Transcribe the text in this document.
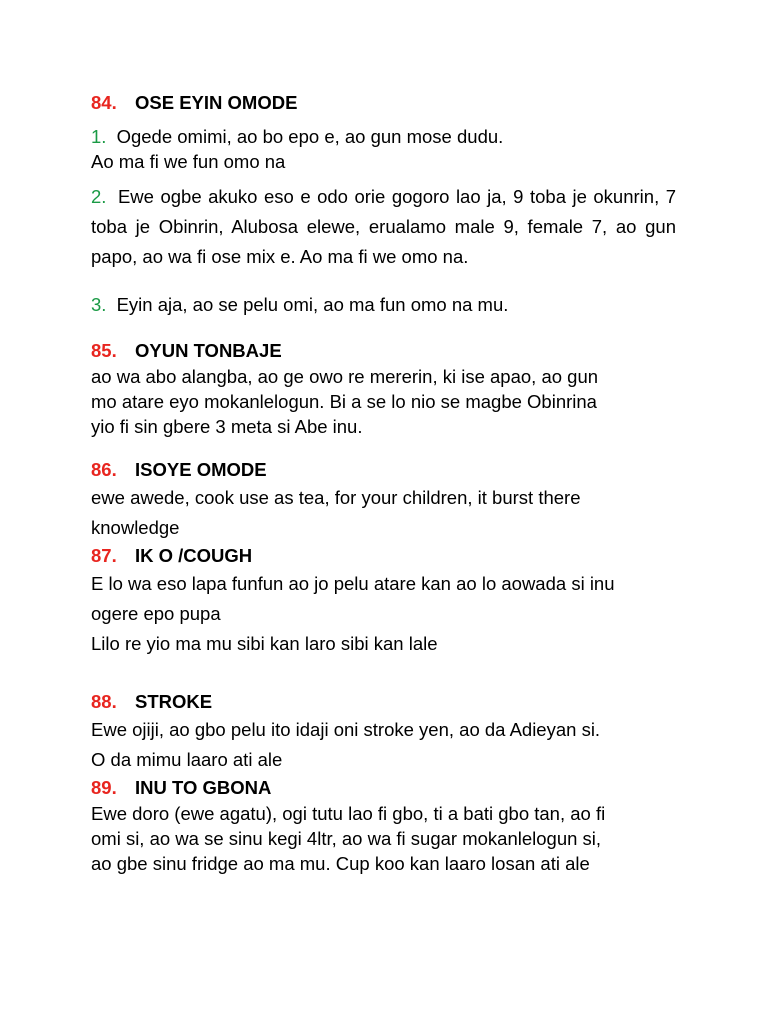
84. OSE EYIN OMODE
1. Ogede omimi, ao bo epo e, ao gun mose dudu.
Ao ma fi we fun omo na
2. Ewe ogbe akuko eso e odo orie gogoro lao ja, 9 toba je okunrin, 7 toba je Obinrin, Alubosa elewe, erualamo male 9, female 7, ao gun papo, ao wa fi ose mix e. Ao ma fi we omo na.
3. Eyin aja, ao se pelu omi, ao ma fun omo na mu.
85. OYUN TONBAJE
ao wa abo alangba, ao ge owo re mererin, ki ise apao, ao gun
mo atare eyo mokanlelogun. Bi a se lo nio se magbe Obinrina
yio fi sin gbere 3 meta si Abe inu.
86. ISOYE OMODE
ewe awede, cook use as tea, for your children, it burst there
knowledge
87. IK O /COUGH
E lo wa eso lapa funfun ao jo pelu atare kan ao lo aowada si inu
ogere epo pupa
Lilo re yio ma mu sibi kan laro sibi kan lale
88. STROKE
Ewe ojiji, ao gbo pelu ito idaji oni stroke yen, ao da Adieyan si.
O da mimu laaro ati ale
89. INU TO GBONA
Ewe doro (ewe agatu), ogi tutu lao fi gbo, ti a bati gbo tan, ao fi
omi si, ao wa se sinu kegi 4ltr, ao wa fi sugar mokanlelogun si,
ao gbe sinu fridge ao ma mu. Cup koo kan laaro losan ati ale
